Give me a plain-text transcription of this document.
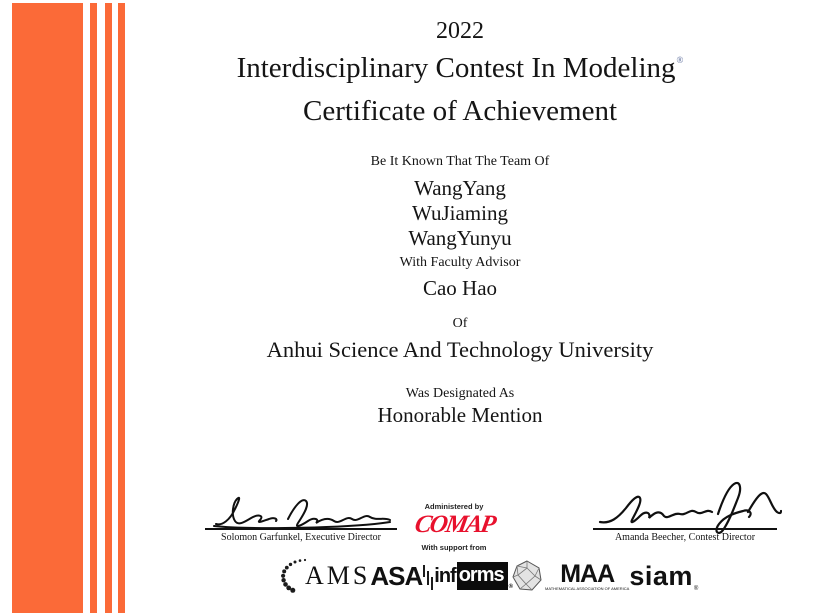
2022
Interdisciplinary Contest In Modeling®
Certificate of Achievement
Be It Known That The Team Of
WangYang
WuJiaming
WangYunyu
With Faculty Advisor
Cao Hao
Of
Anhui Science And Technology University
Was Designated As
Honorable Mention
Solomon Garfunkel, Executive Director	Amanda Beecher, Contest Director
Administered by
COMAP
With support from
AMS ASA inf orms
® MAA
MATHEMATICAL ASSOCIATION OF AMERICA siam ®
